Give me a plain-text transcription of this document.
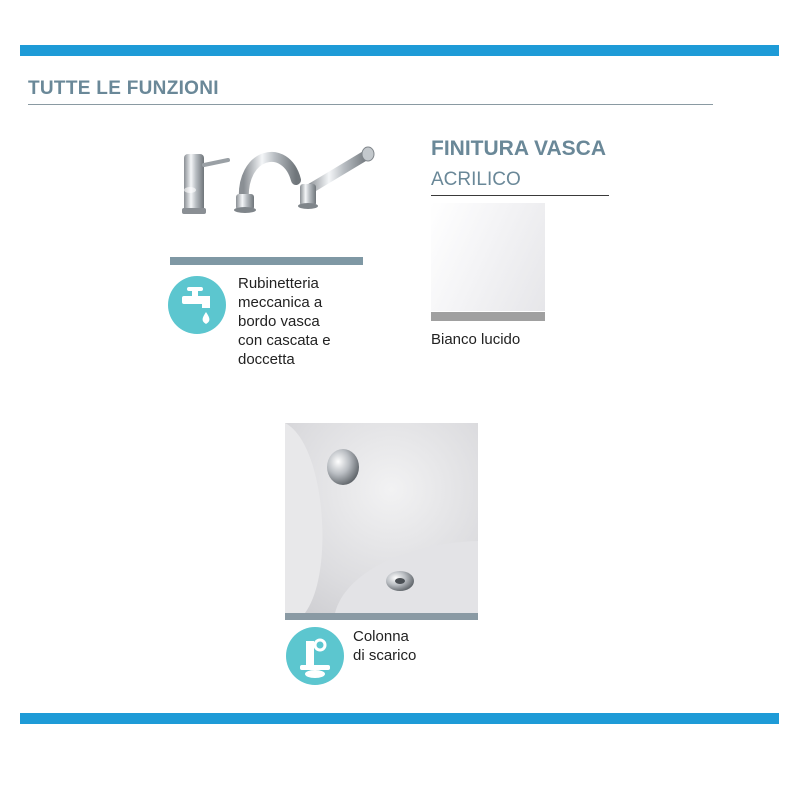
TUTTE LE FUNZIONI
Rubinetteria
meccanica a
bordo vasca
con cascata e
doccetta
FINITURA VASCA
ACRILICO
Bianco lucido
Colonna
di scarico
